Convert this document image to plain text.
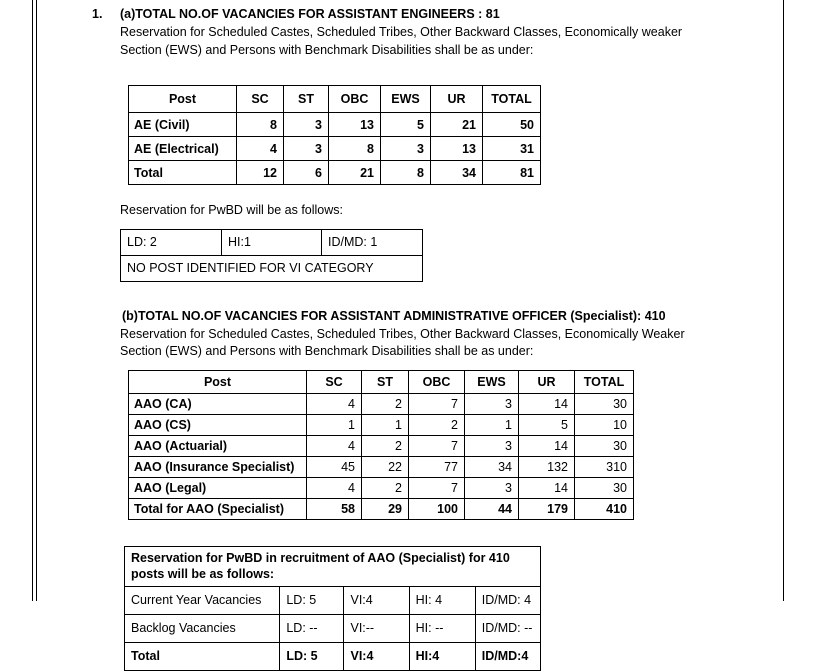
1. (a)TOTAL NO.OF VACANCIES FOR ASSISTANT ENGINEERS : 81
Reservation for Scheduled Castes, Scheduled Tribes, Other Backward Classes, Economically weaker Section (EWS) and Persons with Benchmark Disabilities shall be as under:
Post	SC	ST	OBC	EWS	UR	TOTAL
AE (Civil)	8	3	13	5	21	50
AE (Electrical)	4	3	8	3	13	31
Total	12	6	21	8	34	81
Reservation for PwBD will be as follows:
LD: 2	HI:1	ID/MD: 1
NO POST IDENTIFIED FOR VI CATEGORY
(b)TOTAL NO.OF VACANCIES FOR ASSISTANT ADMINISTRATIVE OFFICER (Specialist): 410
Reservation for Scheduled Castes, Scheduled Tribes, Other Backward Classes, Economically Weaker Section (EWS) and Persons with Benchmark Disabilities shall be as under:
Post	SC	ST	OBC	EWS	UR	TOTAL
AAO (CA)	4	2	7	3	14	30
AAO (CS)	1	1	2	1	5	10
AAO (Actuarial)	4	2	7	3	14	30
AAO (Insurance Specialist)	45	22	77	34	132	310
AAO (Legal)	4	2	7	3	14	30
Total for AAO (Specialist)	58	29	100	44	179	410
Reservation for PwBD in recruitment of AAO (Specialist) for 410 posts will be as follows:				
Current Year Vacancies	LD: 5	VI:4	HI: 4	ID/MD: 4
Backlog Vacancies	LD: --	VI:--	HI: --	ID/MD: --
Total	LD: 5	VI:4	HI:4	ID/MD:4
